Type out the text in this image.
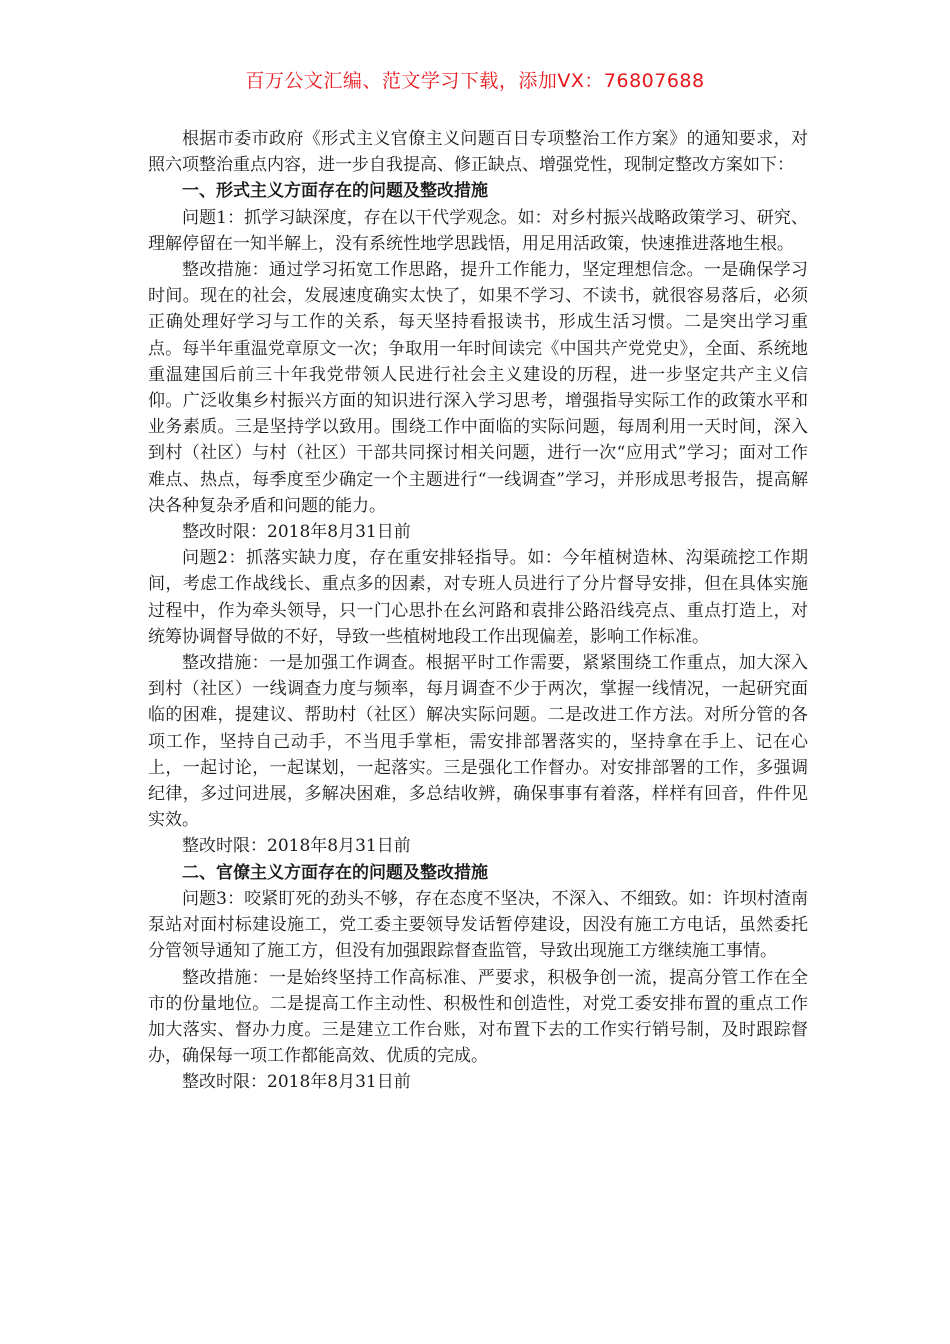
百万公文汇编、范文学习下载，添加VX：76807688

根据市委市政府《形式主义官僚主义问题百日专项整治工作方案》的通知要求，对照六项整治重点内容，进一步自我提高、修正缺点、增强党性，现制定整改方案如下：

一、形式主义方面存在的问题及整改措施

问题1：抓学习缺深度，存在以干代学观念。如：对乡村振兴战略政策学习、研究、理解停留在一知半解上，没有系统性地学思践悟，用足用活政策，快速推进落地生根。

整改措施：通过学习拓宽工作思路，提升工作能力，坚定理想信念。一是确保学习时间。现在的社会，发展速度确实太快了，如果不学习、不读书，就很容易落后，必须正确处理好学习与工作的关系，每天坚持看报读书，形成生活习惯。二是突出学习重点。每半年重温党章原文一次；争取用一年时间读完《中国共产党党史》，全面、系统地重温建国后前三十年我党带领人民进行社会主义建设的历程，进一步坚定共产主义信仰。广泛收集乡村振兴方面的知识进行深入学习思考，增强指导实际工作的政策水平和业务素质。三是坚持学以致用。围绕工作中面临的实际问题，每周利用一天时间，深入到村（社区）与村（社区）干部共同探讨相关问题，进行一次“应用式”学习；面对工作难点、热点，每季度至少确定一个主题进行“一线调查”学习，并形成思考报告，提高解决各种复杂矛盾和问题的能力。

整改时限：2018年8月31日前

问题2：抓落实缺力度，存在重安排轻指导。如：今年植树造林、沟渠疏挖工作期间，考虑工作战线长、重点多的因素，对专班人员进行了分片督导安排，但在具体实施过程中，作为牵头领导，只一门心思扑在幺河路和袁排公路沿线亮点、重点打造上，对统筹协调督导做的不好，导致一些植树地段工作出现偏差，影响工作标准。

整改措施：一是加强工作调查。根据平时工作需要，紧紧围绕工作重点，加大深入到村（社区）一线调查力度与频率，每月调查不少于两次，掌握一线情况，一起研究面临的困难，提建议、帮助村（社区）解决实际问题。二是改进工作方法。对所分管的各项工作，坚持自己动手，不当甩手掌柜，需安排部署落实的，坚持拿在手上、记在心上，一起讨论，一起谋划，一起落实。三是强化工作督办。对安排部署的工作，多强调纪律，多过问进展，多解决困难，多总结收辨，确保事事有着落，样样有回音，件件见实效。

整改时限：2018年8月31日前

二、官僚主义方面存在的问题及整改措施

问题3：咬紧盯死的劲头不够，存在态度不坚决，不深入、不细致。如：许坝村渣南泵站对面村标建设施工，党工委主要领导发话暂停建设，因没有施工方电话，虽然委托分管领导通知了施工方，但没有加强跟踪督查监管，导致出现施工方继续施工事情。

整改措施：一是始终坚持工作高标准、严要求，积极争创一流，提高分管工作在全市的份量地位。二是提高工作主动性、积极性和创造性，对党工委安排布置的重点工作加大落实、督办力度。三是建立工作台账，对布置下去的工作实行销号制，及时跟踪督办，确保每一项工作都能高效、优质的完成。

整改时限：2018年8月31日前
